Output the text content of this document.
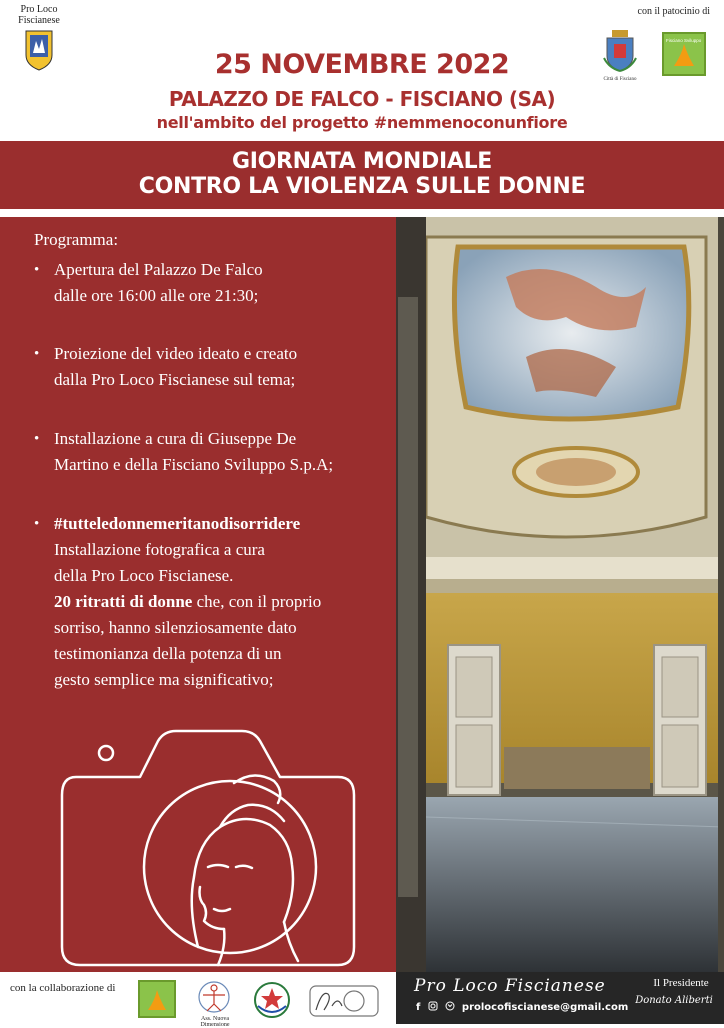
Pro Loco Fiscianese
con il patocinio di
Città di Fisciano
Fisciano Sviluppo
25 NOVEMBRE 2022
PALAZZO DE FALCO - FISCIANO (SA)
nell'ambito del progetto #nemmenoconunfiore
GIORNATA MONDIALE
CONTRO LA VIOLENZA SULLE DONNE
Programma:
• Apertura del Palazzo De Falco
dalle ore 16:00 alle ore 21:30;
• Proiezione del video ideato e creato
dalla Pro Loco Fiscianese sul tema;
• Installazione a cura di Giuseppe De
Martino e della Fisciano Sviluppo S.p.A;
• #tutteledonnemeritanodisorridere
Installazione fotografica a cura
della Pro Loco Fiscianese.
20 ritratti di donne che, con il proprio
sorriso, hanno silenziosamente dato
testimonianza della potenza di un
gesto semplice ma significativo;
con la collaborazione di
Ass. Nuova Dimensione
Pro Loco Fiscianese
f	prolocofiscianese@gmail.com
Il Presidente
Donato Aliberti
